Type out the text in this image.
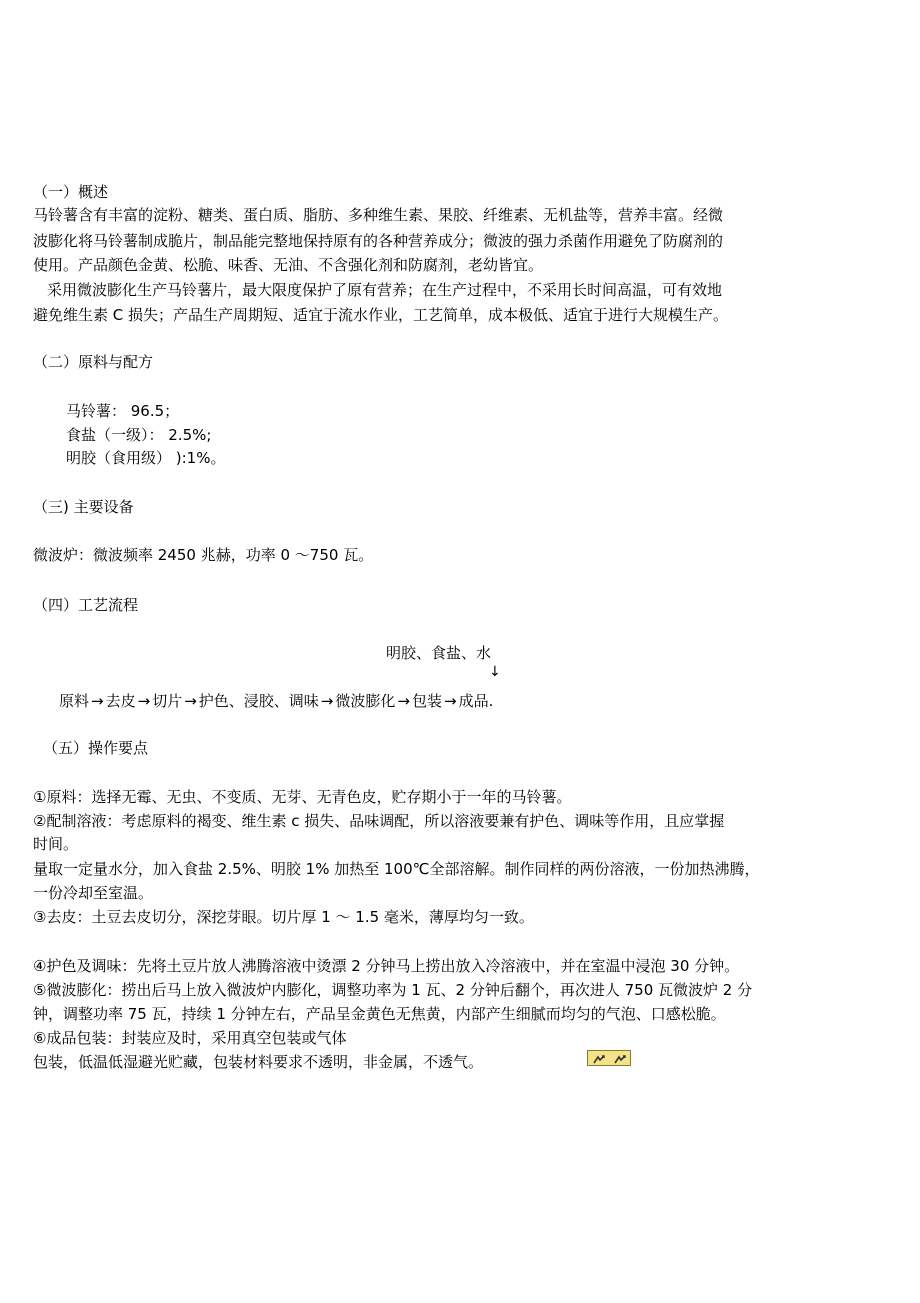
（一）概述
马铃薯含有丰富的淀粉、糖类、蛋白质、脂肪、多种维生素、果胶、纤维素、无机盐等，营养丰富。经微
波膨化将马铃薯制成脆片，制品能完整地保持原有的各种营养成分；微波的强力杀菌作用避免了防腐剂的
使用。产品颜色金黄、松脆、味香、无油、不含强化剂和防腐剂，老幼皆宜。
采用微波膨化生产马铃薯片，最大限度保护了原有营养；在生产过程中，不采用长时间高温，可有效地
避免维生素 C 损失；产品生产周期短、适宜于流水作业，工艺简单，成本极低、适宜于进行大规模生产。
（二）原料与配方
马铃薯： 96.5；
食盐（一级）： 2.5%;
明胶（食用级） ):1%。
（三) 主要设备
微波炉：微波频率 2450 兆赫，功率 0 ～750 瓦。
（四）工艺流程
明胶、食盐、水
↓
原料 → 去皮 → 切片 → 护色、浸胶、调味 → 微波膨化 → 包装 → 成品.
（五）操作要点
①原料：选择无霉、无虫、不变质、无芽、无青色皮，贮存期小于一年的马铃薯。
②配制溶液：考虑原料的褐变、维生素 c 损失、品味调配，所以溶液要兼有护色、调味等作用，且应掌握
时间。
量取一定量水分，加入食盐 2.5%、明胶 1% 加热至 100℃全部溶解。制作同样的两份溶液，一份加热沸腾，
一份冷却至室温。
③去皮：土豆去皮切分，深挖芽眼。切片厚 1 ～ 1.5 毫米，薄厚均匀一致。
④护色及调味：先将土豆片放人沸腾溶液中烫漂 2 分钟马上捞出放入冷溶液中，并在室温中浸泡 30 分钟。
⑤微波膨化：捞出后马上放入微波炉内膨化，调整功率为 1 瓦、2 分钟后翻个，再次进人 750 瓦微波炉 2 分
钟，调整功率 75 瓦，持续 1 分钟左右，产品呈金黄色无焦黄，内部产生细腻而均匀的气泡、口感松脆。
⑥成品包装：封装应及时，采用真空包装或气体
包装，低温低湿避光贮藏，包装材料要求不透明，非金属，不透气。
